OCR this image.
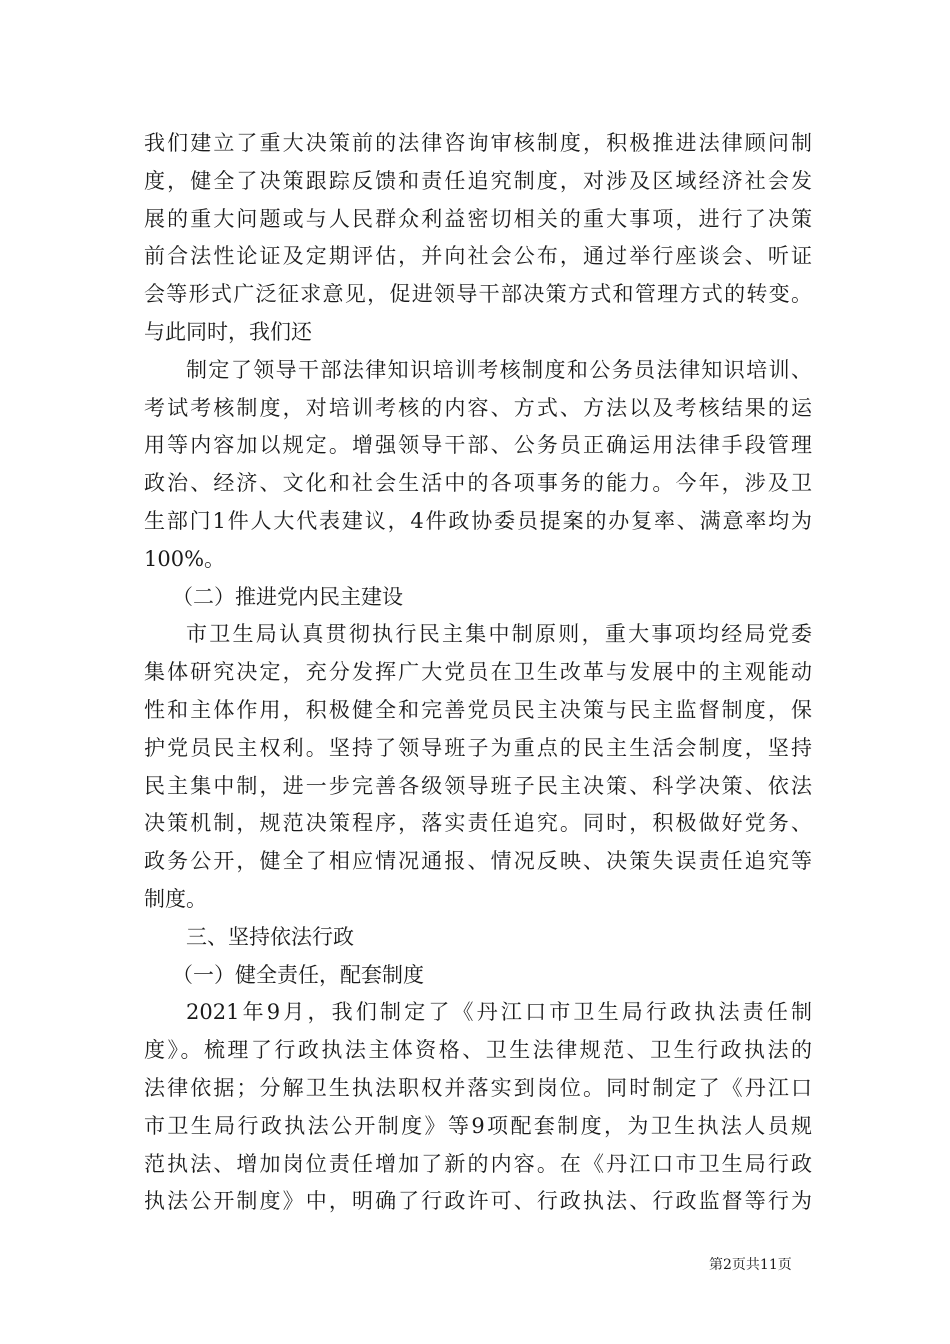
我们建立了重大决策前的法律咨询审核制度，积极推进法律顾问制
度，健全了决策跟踪反馈和责任追究制度，对涉及区域经济社会发
展的重大问题或与人民群众利益密切相关的重大事项，进行了决策
前合法性论证及定期评估，并向社会公布，通过举行座谈会、听证
会等形式广泛征求意见，促进领导干部决策方式和管理方式的转变。
与此同时，我们还
制定了领导干部法律知识培训考核制度和公务员法律知识培训、
考试考核制度，对培训考核的内容、方式、方法以及考核结果的运
用等内容加以规定。增强领导干部、公务员正确运用法律手段管理
政治、经济、文化和社会生活中的各项事务的能力。今年，涉及卫
生部门1件人大代表建议，4件政协委员提案的办复率、满意率均为
100%。
（二）推进党内民主建设
市卫生局认真贯彻执行民主集中制原则，重大事项均经局党委
集体研究决定，充分发挥广大党员在卫生改革与发展中的主观能动
性和主体作用，积极健全和完善党员民主决策与民主监督制度，保
护党员民主权利。坚持了领导班子为重点的民主生活会制度，坚持
民主集中制，进一步完善各级领导班子民主决策、科学决策、依法
决策机制，规范决策程序，落实责任追究。同时，积极做好党务、
政务公开，健全了相应情况通报、情况反映、决策失误责任追究等
制度。
三、坚持依法行政
（一）健全责任，配套制度
2021年9月，我们制定了《丹江口市卫生局行政执法责任制
度》。梳理了行政执法主体资格、卫生法律规范、卫生行政执法的
法律依据；分解卫生执法职权并落实到岗位。同时制定了《丹江口
市卫生局行政执法公开制度》等9项配套制度，为卫生执法人员规
范执法、增加岗位责任增加了新的内容。在《丹江口市卫生局行政
执法公开制度》中，明确了行政许可、行政执法、行政监督等行为
第2页共11页
